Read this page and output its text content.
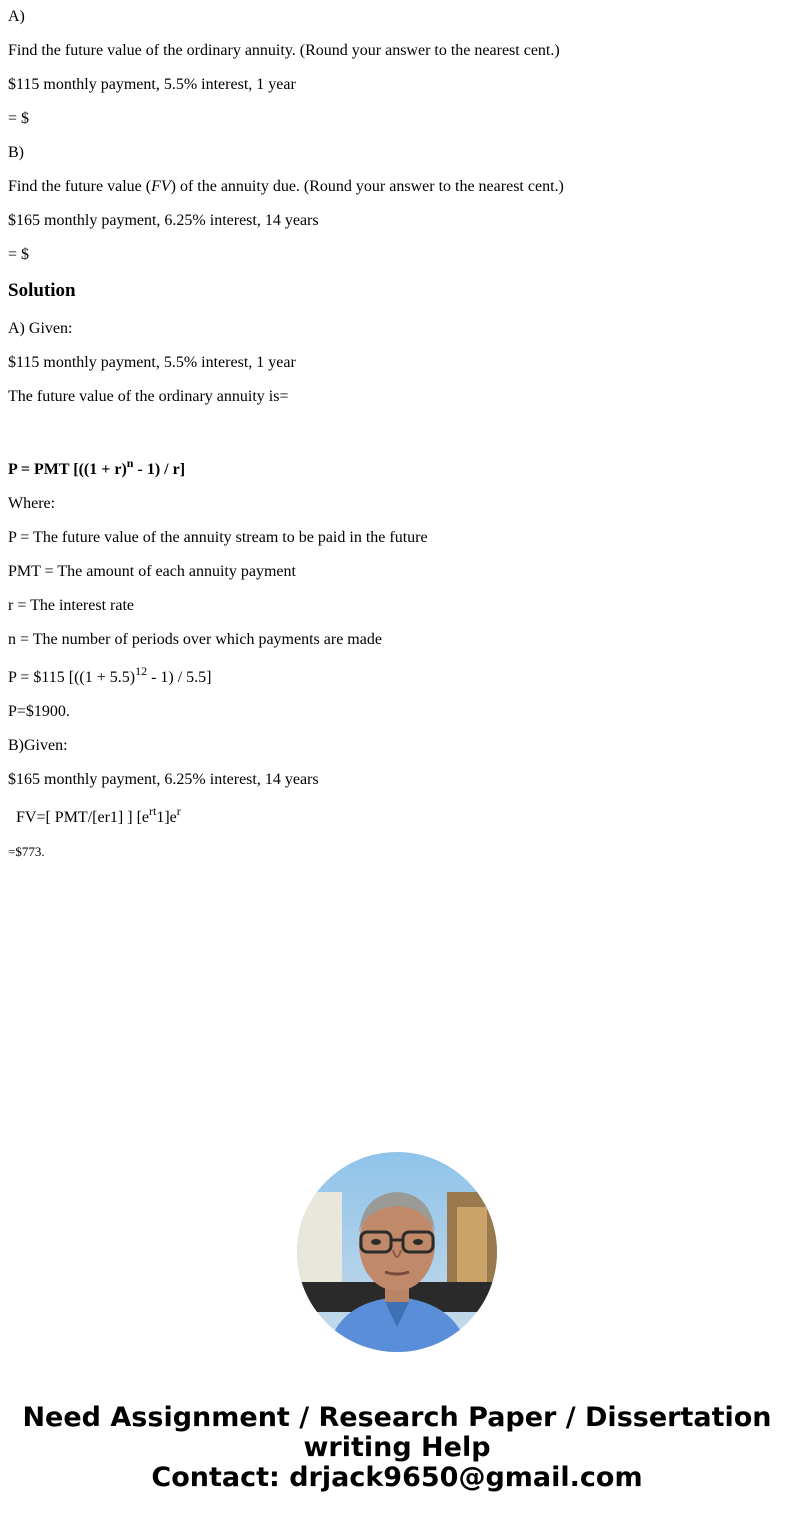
A)

Find the future value of the ordinary annuity. (Round your answer to the nearest cent.)

$115 monthly payment, 5.5% interest, 1 year

= $

B)

Find the future value (FV) of the annuity due. (Round your answer to the nearest cent.)

$165 monthly payment, 6.25% interest, 14 years

= $

Solution

A) Given:

$115 monthly payment, 5.5% interest, 1 year

The future value of the ordinary annuity is=

P = PMT $[((1 + r)^n - 1) / r]$

Where:

P = The future value of the annuity stream to be paid in the future

PMT = The amount of each annuity payment

r = The interest rate

n = The number of periods over which payments are made

P = $115 $[((1 + 5.5)^{12} - 1) / 5.5]$

P=$1900.

B)Given:

$165 monthly payment, 6.25% interest, 14 years

FV=[ PMT/[er1] ] $[e^{rt}1]e^r$

=$773.

Need Assignment / Research Paper / Dissertation
writing Help
Contact: drjack9650@gmail.com
